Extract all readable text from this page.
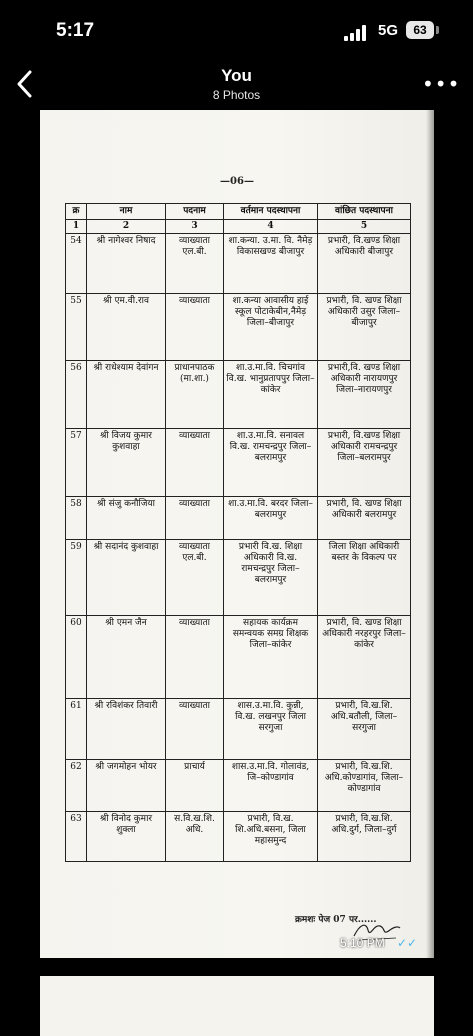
5:17	5G	63
You
8 Photos	•••
—06—
क्र	नाम	पदनाम	वर्तमान पदस्थापना	वांछित पदस्थापना
1	2	3	4	5
54	श्री नागेश्वर निषाद	व्याख्याता एल.बी.	शा.कन्या. उ.मा. वि. नैमेड़ विकासखण्ड बीजापुर	प्रभारी, वि.खण्ड शिक्षा अधिकारी बीजापुर
55	श्री एम.वी.राव	व्याख्याता	शा.कन्या आवासीय हाई स्कूल पोटाकेबीन,नैमेड़ जिला–बीजापुर	प्रभारी, वि. खण्ड शिक्षा अधिकारी उसुर जिला–बीजापुर
56	श्री राधेश्याम देवांगन	प्राधानपाठक (मा.शा.)	शा.उ.मा.वि. चिचगांव वि.ख. भानुप्रतापपुर जिला–कांकेर	प्रभारी,वि. खण्ड शिक्षा अधिकारी नारायणपुर जिला–नारायणपुर
57	श्री विजय कुमार कुशवाहा	व्याख्याता	शा.उ.मा.वि. सनावल वि.ख. रामचन्द्रपुर जिला–बलरामपुर	प्रभारी, वि.खण्ड शिक्षा अधिकारी रामचन्द्रपुर जिला–बलरामपुर
58	श्री संजु कनौजिया	व्याख्याता	शा.उ.मा.वि. बरदर जिला–बलरामपुर	प्रभारी, वि. खण्ड शिक्षा अधिकारी बलरामपुर
59	श्री सदानंद कुशवाहा	व्याख्याता एल.बी.	प्रभारी वि.ख. शिक्षा अधिकारी वि.ख. रामचन्द्रपुर जिला–बलरामपुर	जिला शिक्षा अधिकारी बस्तर के विकल्प पर
60	श्री एमन जैन	व्याख्याता	सहायक कार्यक्रम समन्वयक समग्र शिक्षक जिला–कांकेर	प्रभारी, वि. खण्ड शिक्षा अधिकारी नरहरपुर जिला–कांकेर
61	श्री रविशंकर तिवारी	व्याख्याता	शास.उ.मा.वि. कुन्नी, वि.ख. लखनपुर जिला सरगुजा	प्रभारी, वि.ख.शि. अधि.बतौली, जिला–सरगुजा
62	श्री जगमोहन भोयर	प्राचार्य	शास.उ.मा.वि. गोलावंड, जि–कोण्डागांव	प्रभारी, वि.ख.शि. अधि.कोण्डागांव, जिला–कोण्डागांव
63	श्री विनोद कुमार शुक्ला	स.वि.ख.शि. अधि.	प्रभारी, वि.ख. शि.अधि.बसना, जिला महासमुन्द	प्रभारी, वि.ख.शि. अधि.दुर्ग, जिला–दुर्ग
क्रमशः पेज 07 पर......
5:10 PM ✓✓
